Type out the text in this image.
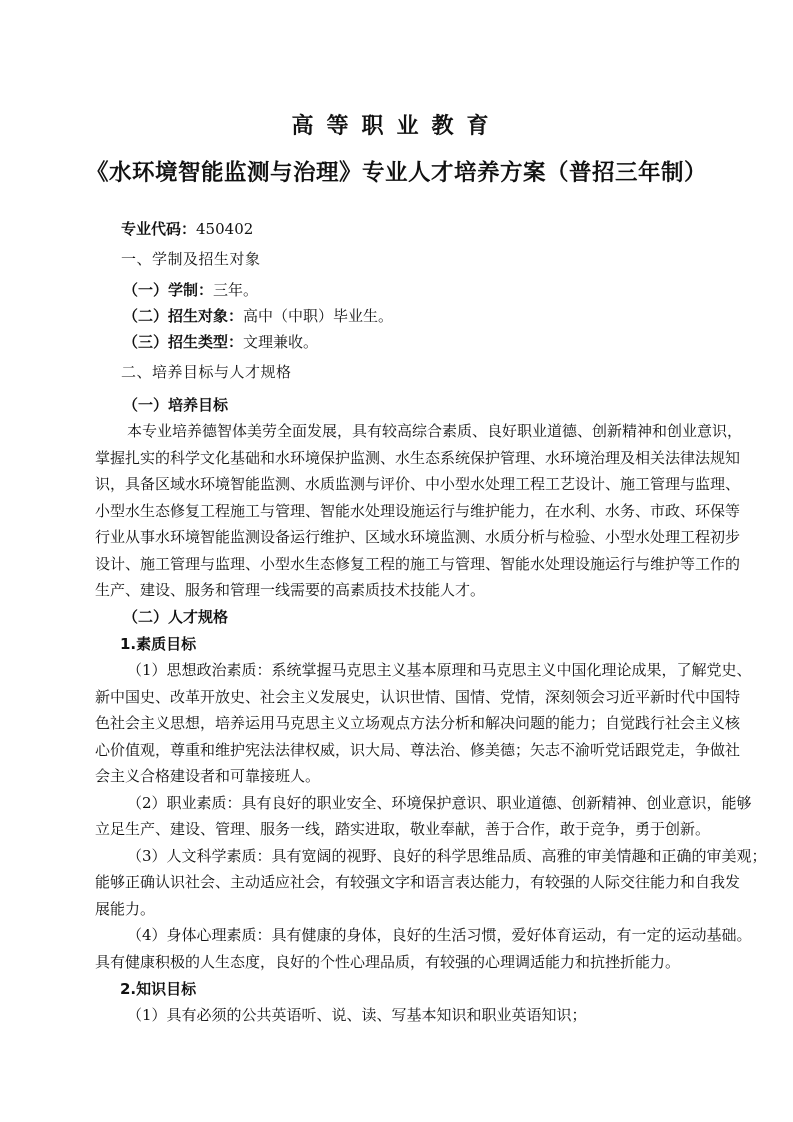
高等职业教育
《水环境智能监测与治理》专业人才培养方案（普招三年制）
专业代码：450402
一、学制及招生对象
（一）学制：三年。
（二）招生对象：高中（中职）毕业生。
（三）招生类型：文理兼收。
二、培养目标与人才规格
（一）培养目标
本专业培养德智体美劳全面发展，具有较高综合素质、良好职业道德、创新精神和创业意识，
掌握扎实的科学文化基础和水环境保护监测、水生态系统保护管理、水环境治理及相关法律法规知
识，具备区域水环境智能监测、水质监测与评价、中小型水处理工程工艺设计、施工管理与监理、
小型水生态修复工程施工与管理、智能水处理设施运行与维护能力，在水利、水务、市政、环保等
行业从事水环境智能监测设备运行维护、区域水环境监测、水质分析与检验、小型水处理工程初步
设计、施工管理与监理、小型水生态修复工程的施工与管理、智能水处理设施运行与维护等工作的
生产、建设、服务和管理一线需要的高素质技术技能人才。
（二）人才规格
1.素质目标
（1）思想政治素质：系统掌握马克思主义基本原理和马克思主义中国化理论成果，了解党史、
新中国史、改革开放史、社会主义发展史，认识世情、国情、党情，深刻领会习近平新时代中国特
色社会主义思想，培养运用马克思主义立场观点方法分析和解决问题的能力；自觉践行社会主义核
心价值观，尊重和维护宪法法律权威，识大局、尊法治、修美德；矢志不渝听党话跟党走，争做社
会主义合格建设者和可靠接班人。
（2）职业素质：具有良好的职业安全、环境保护意识、职业道德、创新精神、创业意识，能够
立足生产、建设、管理、服务一线，踏实进取，敬业奉献，善于合作，敢于竞争，勇于创新。
（3）人文科学素质：具有宽阔的视野、良好的科学思维品质、高雅的审美情趣和正确的审美观；
能够正确认识社会、主动适应社会，有较强文字和语言表达能力，有较强的人际交往能力和自我发
展能力。
（4）身体心理素质：具有健康的身体，良好的生活习惯，爱好体育运动，有一定的运动基础。
具有健康积极的人生态度，良好的个性心理品质，有较强的心理调适能力和抗挫折能力。
2.知识目标
（1）具有必须的公共英语听、说、读、写基本知识和职业英语知识；
